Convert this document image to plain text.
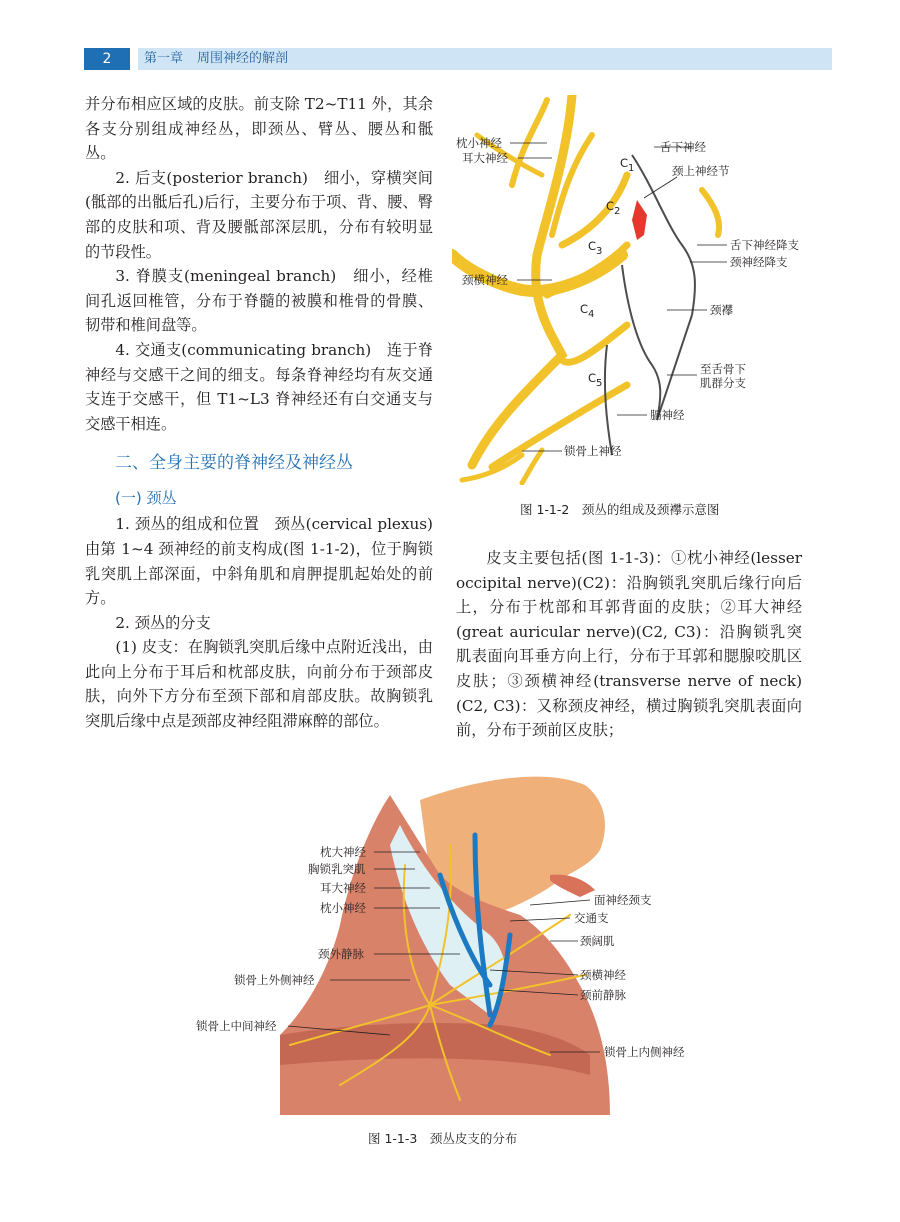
2	第一章 周围神经的解剖

并分布相应区域的皮肤。前支除 T2~T11 外，其余各支分别组成神经丛，即颈丛、臂丛、腰丛和骶丛。

2. 后支(posterior branch)　细小，穿横突间(骶部的出骶后孔)后行，主要分布于项、背、腰、臀部的皮肤和项、背及腰骶部深层肌，分布有较明显的节段性。

3. 脊膜支(meningeal branch)　细小，经椎间孔返回椎管，分布于脊髓的被膜和椎骨的骨膜、韧带和椎间盘等。

4. 交通支(communicating branch)　连于脊神经与交感干之间的细支。每条脊神经均有灰交通支连于交感干，但 T1~L3 脊神经还有白交通支与交感干相连。

二、全身主要的脊神经及神经丛
(一) 颈丛

1. 颈丛的组成和位置　颈丛(cervical plexus)由第 1~4 颈神经的前支构成(图 1-1-2)，位于胸锁乳突肌上部深面，中斜角肌和肩胛提肌起始处的前方。

2. 颈丛的分支

(1) 皮支：在胸锁乳突肌后缘中点附近浅出，由此向上分布于耳后和枕部皮肤，向前分布于颈部皮肤，向外下方分布至颈下部和肩部皮肤。故胸锁乳突肌后缘中点是颈部皮神经阻滞麻醉的部位。

皮支主要包括(图 1-1-3)：①枕小神经(lesser occipital nerve)(C2)：沿胸锁乳突肌后缘行向后上，分布于枕部和耳郭背面的皮肤；②耳大神经(great auricular nerve)(C2, C3)：沿胸锁乳突肌表面向耳垂方向上行，分布于耳郭和腮腺咬肌区皮肤；③颈横神经(transverse nerve of neck)(C2, C3)：又称颈皮神经，横过胸锁乳突肌表面向前，分布于颈前区皮肤；

枕小神经
耳大神经
舌下神经
颈上神经节
舌下神经降支
颈神经降支
颈横神经
颈襻
至舌骨下
肌群分支
膈神经
锁骨上神经
C 1
C 2
C 3
C 4
C 5
图 1-1-2　颈丛的组成及颈襻示意图
枕大神经
胸锁乳突肌
耳大神经
枕小神经
颈外静脉
锁骨上外侧神经
锁骨上中间神经
面神经颈支
交通支
颈阔肌
颈横神经
颈前静脉
锁骨上内侧神经
图 1-1-3　颈丛皮支的分布
